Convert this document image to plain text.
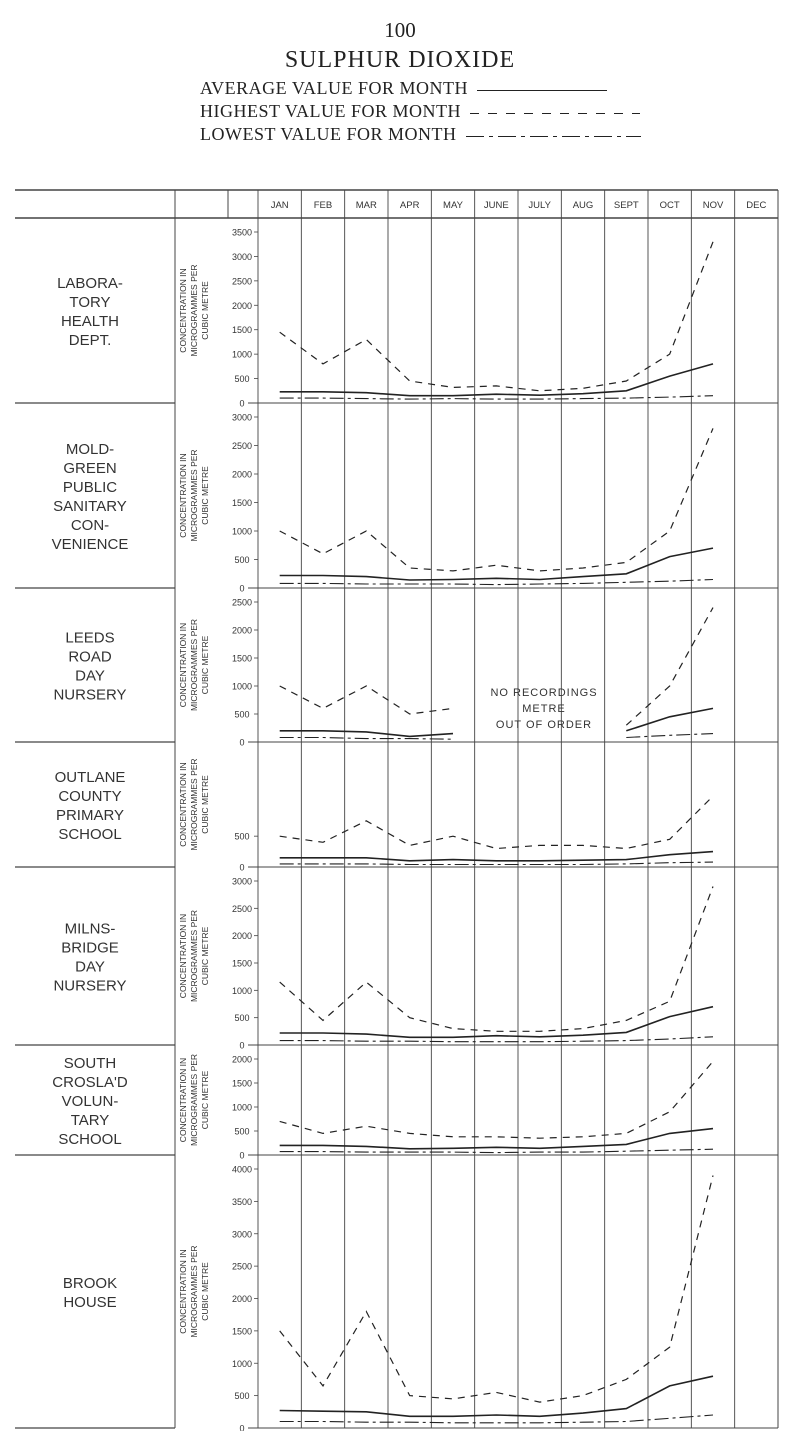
100
SULPHUR DIOXIDE
AVERAGE VALUE FOR MONTH
HIGHEST VALUE FOR MONTH
LOWEST VALUE FOR MONTH
JAN	FEB MAR APR MAY JUNE JULY AUG SEPT OCT NOV DEC
LABORA-
TORY
HEALTH
DEPT.	CONCENTRATION IN MICROGRAMMES PER CUBIC METRE
0
500
1000
1500
2000
2500
3000
3500
MOLD-
GREEN
PUBLIC
SANITARY
CON-
VENIENCE
CONCENTRATION IN MICROGRAMMES PER CUBIC METRE
0
500
1000
1500
2000
2500
3000
LEEDS
ROAD
DAY
NURSERY	CONCENTRATION IN MICROGRAMMES PER CUBIC METRE
0
500
1000
1500
2000
2500
NO RECORDINGS
METRE
OUT OF ORDER
OUTLANE
COUNTY
PRIMARY
SCHOOL	CONCENTRATION IN MICROGRAMMES PER CUBIC METRE
0
500
MILNS-
BRIDGE
DAY
NURSERY	CONCENTRATION IN MICROGRAMMES PER CUBIC METRE
0
500
1000
1500
2000
2500
3000
SOUTH
CROSLA'D
VOLUN-
TARY
SCHOOL	CONCENTRATION IN MICROGRAMMES PER CUBIC METRE
0
500
1000
1500
2000
BROOK
HOUSE	CONCENTRATION IN MICROGRAMMES PER CUBIC METRE
0
500
1000
1500
2000
2500
3000
3500
4000
